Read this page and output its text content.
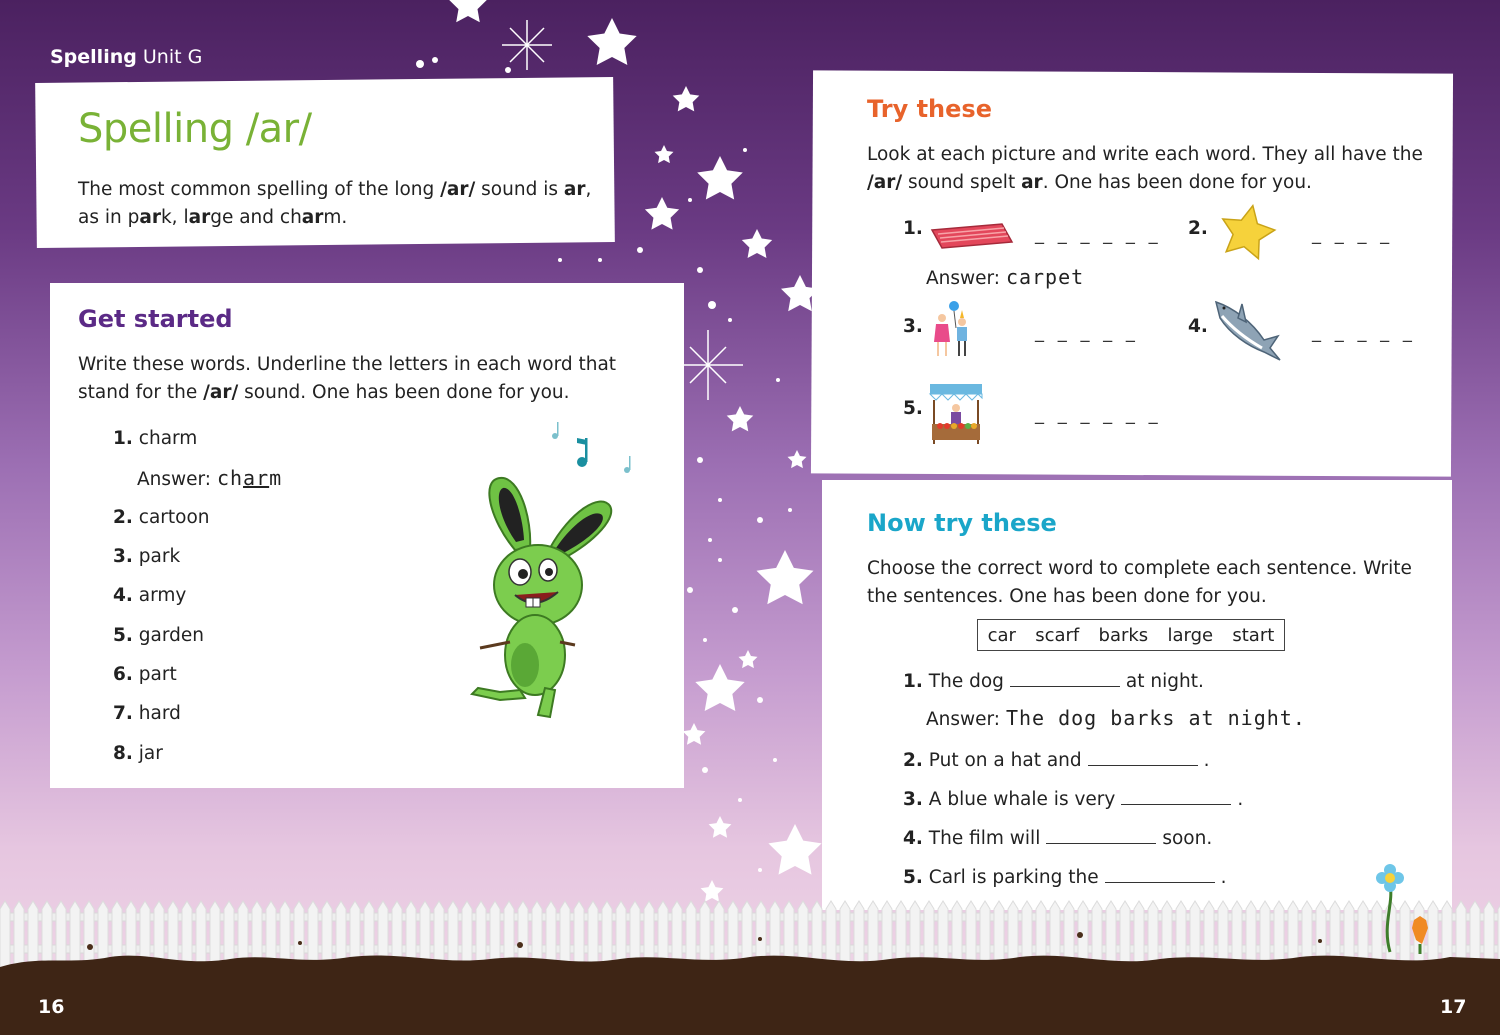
Spelling Unit G
Spelling /ar/
The most common spelling of the long /ar/ sound is ar,
as in park, large and charm.
Get started
Write these words. Underline the letters in each word that
stand for the /ar/ sound. One has been done for you.
1. charm
Answer: charm
2. cartoon
3. park
4. army
5. garden
6. part
7. hard
8. jar
Try these
Look at each picture and write each word. They all have the
/ar/ sound spelt ar. One has been done for you.
1.	_ _ _ _ _ _ 2.	_ _ _ _
Answer: carpet
3.	_ _ _ _ _	4.	_ _ _ _ _
5.	_ _ _ _ _ _
Now try these
Choose the correct word to complete each sentence. Write
the sentences. One has been done for you.
car scarf barks large start
1. The dog	at night.
Answer: The dog barks at night.
2. Put on a hat and	.
3. A blue whale is very	.
4. The film will	soon.
5. Carl is parking the	.
16	17
